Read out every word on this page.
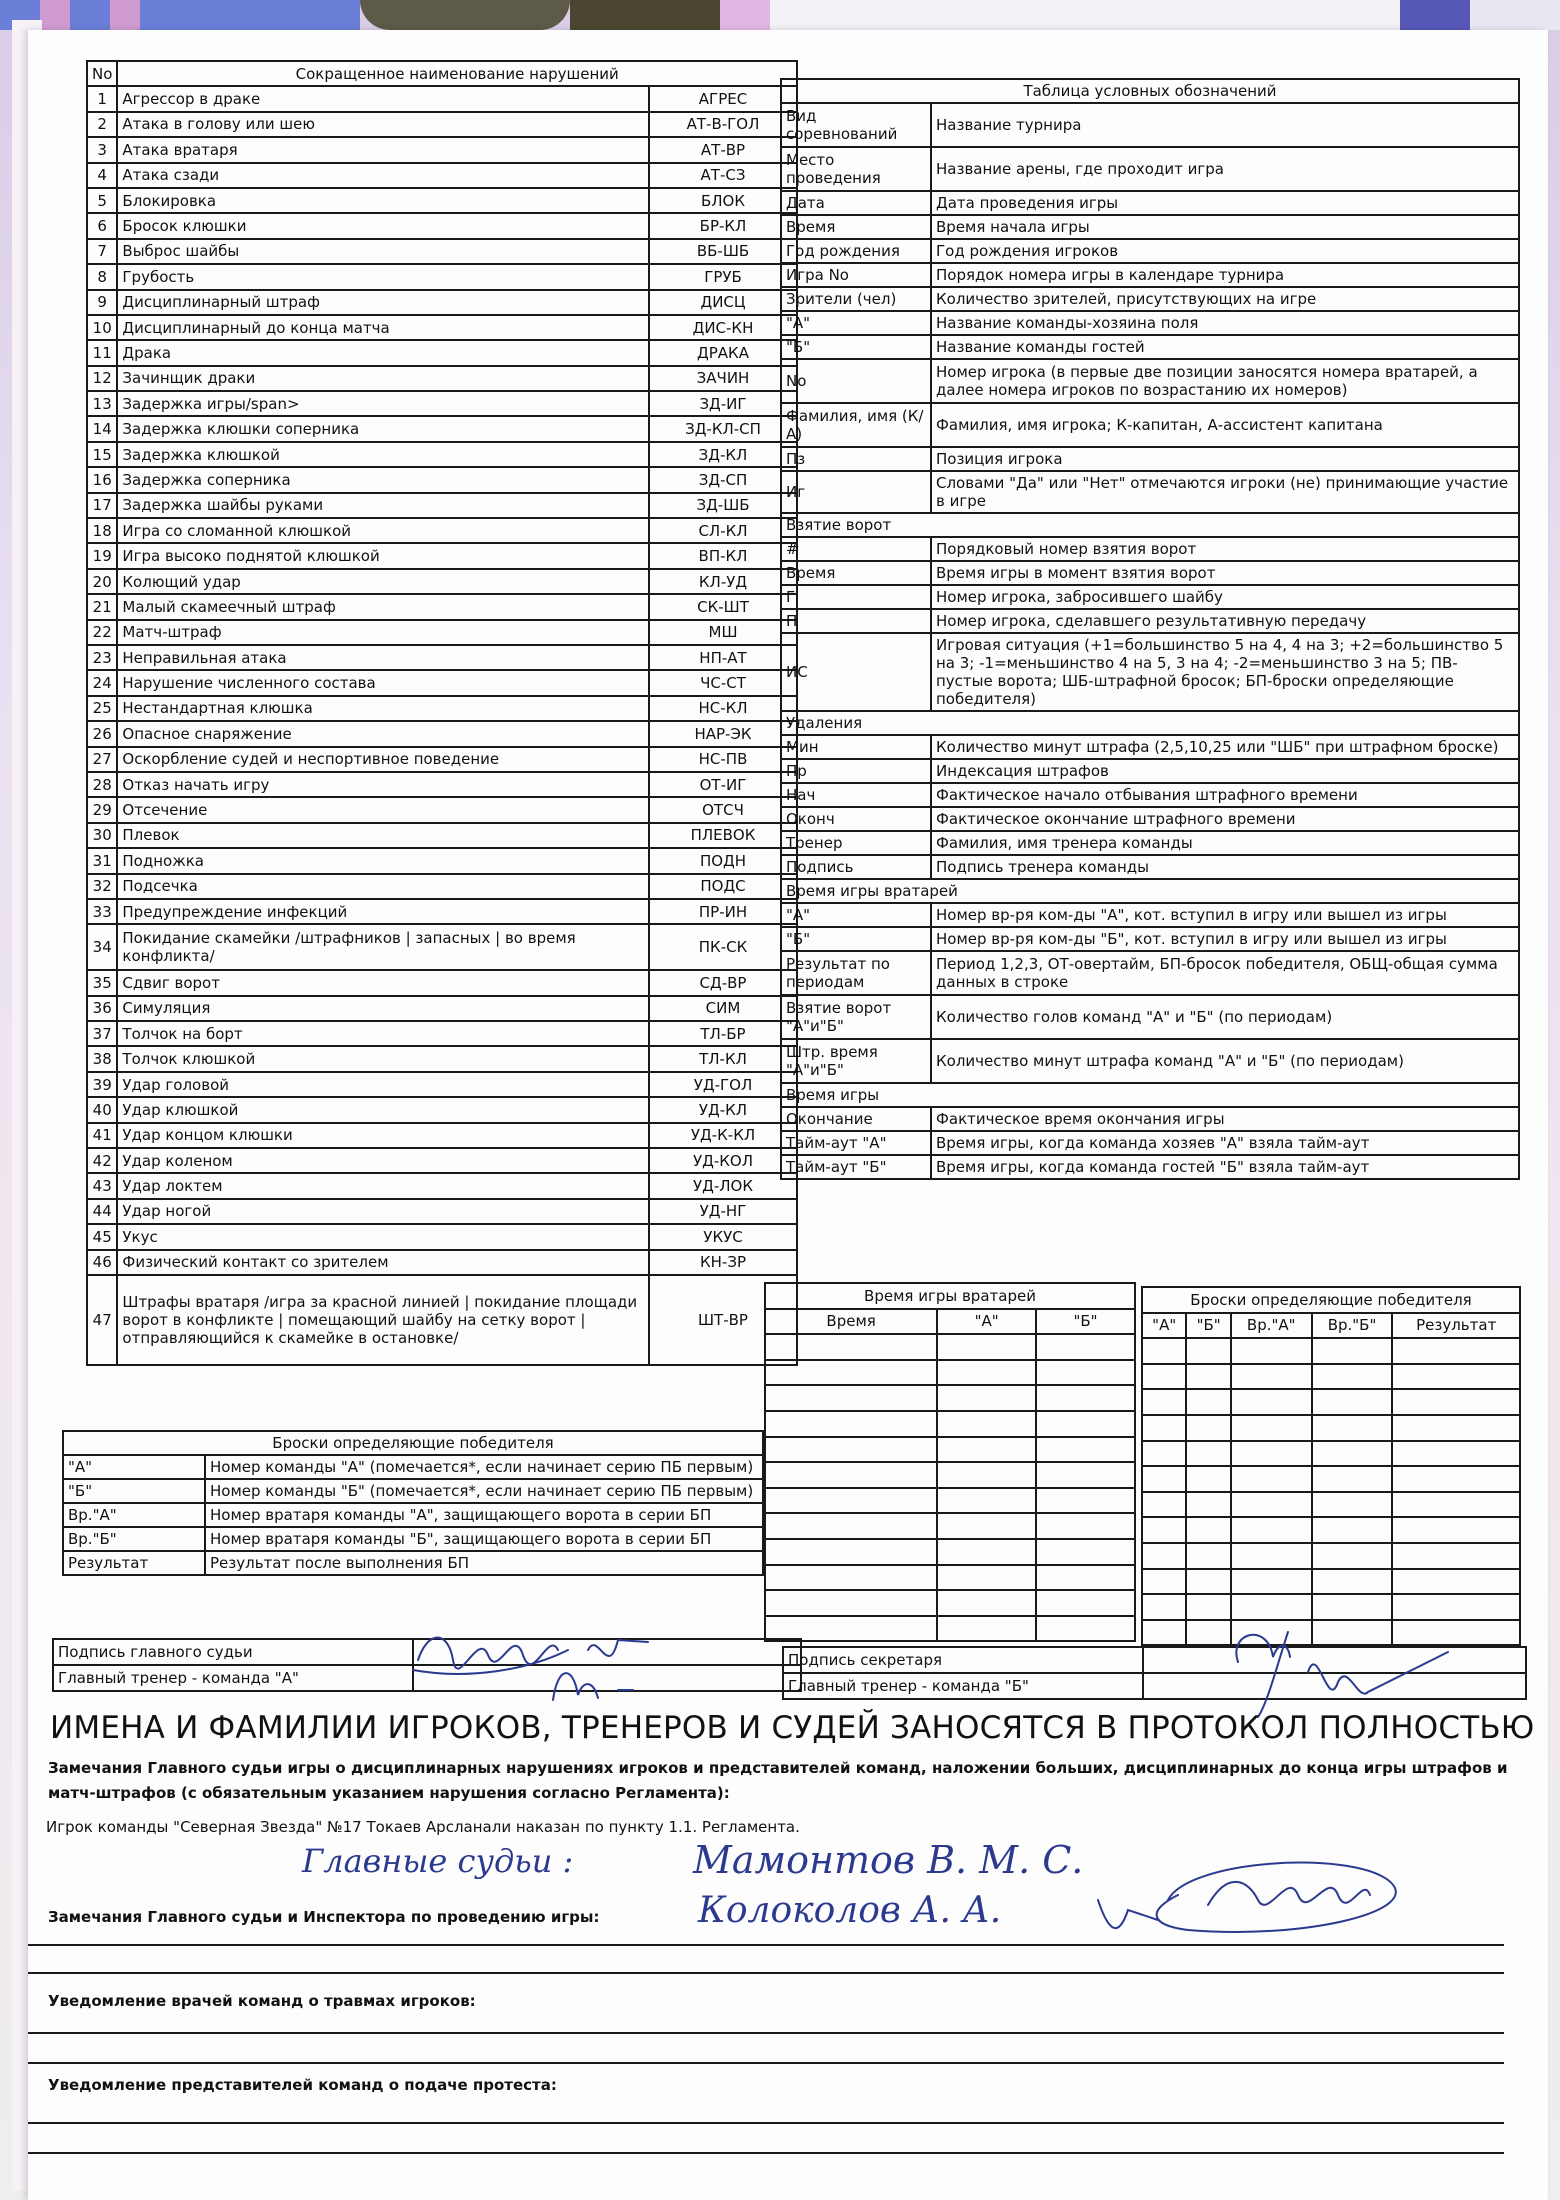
No	Сокращенное наименование нарушений	
1	Агрессор в драке	АГРЕС
2	Атака в голову или шею	АТ-В-ГОЛ
3	Атака вратаря	АТ-ВР
4	Атака сзади	АТ-СЗ
5	Блокировка	БЛОК
6	Бросок клюшки	БР-КЛ
7	Выброс шайбы	ВБ-ШБ
8	Грубость	ГРУБ
9	Дисциплинарный штраф	ДИСЦ
10	Дисциплинарный до конца матча	ДИС-КН
11	Драка	ДРАКА
12	Зачинщик драки	ЗАЧИН
13	Задержка игры/span>	ЗД-ИГ
14	Задержка клюшки соперника	ЗД-КЛ-СП
15	Задержка клюшкой	ЗД-КЛ
16	Задержка соперника	ЗД-СП
17	Задержка шайбы руками	ЗД-ШБ
18	Игра со сломанной клюшкой	СЛ-КЛ
19	Игра высоко поднятой клюшкой	ВП-КЛ
20	Колющий удар	КЛ-УД
21	Малый скамеечный штраф	СК-ШТ
22	Матч-штраф	МШ
23	Неправильная атака	НП-АТ
24	Нарушение численного состава	ЧС-СТ
25	Нестандартная клюшка	НС-КЛ
26	Опасное снаряжение	НАР-ЭК
27	Оскорбление судей и неспортивное поведение	НС-ПВ
28	Отказ начать игру	ОТ-ИГ
29	Отсечение	ОТСЧ
30	Плевок	ПЛЕВОК
31	Подножка	ПОДН
32	Подсечка	ПОДС
33	Предупреждение инфекций	ПР-ИН
34	Покидание скамейки /штрафников | запасных | во время конфликта/	ПК-СК
35	Сдвиг ворот	СД-ВР
36	Симуляция	СИМ
37	Толчок на борт	ТЛ-БР
38	Толчок клюшкой	ТЛ-КЛ
39	Удар головой	УД-ГОЛ
40	Удар клюшкой	УД-КЛ
41	Удар концом клюшки	УД-К-КЛ
42	Удар коленом	УД-КОЛ
43	Удар локтем	УД-ЛОК
44	Удар ногой	УД-НГ
45	Укус	УКУС
46	Физический контакт со зрителем	КН-ЗР
47	Штрафы вратаря /игра за красной линией | покидание площади ворот в конфликте | помещающий шайбу на сетку ворот |отправляющийся к скамейке в остановке/	ШТ-ВР
Таблица условных обозначений	
Вид соревнований	Название турнира
Место проведения	Название арены, где проходит игра
Дата	Дата проведения игры
Время	Время начала игры
Год рождения	Год рождения игроков
Игра No	Порядок номера игры в календаре турнира
Зрители (чел)	Количество зрителей, присутствующих на игре
"А"	Название команды-хозяина поля
"Б"	Название команды гостей
No	Номер игрока (в первые две позиции заносятся номера вратарей, а далее номера игроков по возрастанию их номеров)
Фамилия, имя (К/А)	Фамилия, имя игрока; К-капитан, А-ассистент капитана
Пз	Позиция игрока
Иг	Словами "Да" или "Нет" отмечаются игроки (не) принимающие участие в игре
Взятие ворот	
#	Порядковый номер взятия ворот
Время	Время игры в момент взятия ворот
Г	Номер игрока, забросившего шайбу
П	Номер игрока, сделавшего результативную передачу
ИС	Игровая ситуация (+1=большинство 5 на 4, 4 на 3; +2=большинство 5 на 3; -1=меньшинство 4 на 5, 3 на 4; -2=меньшинство 3 на 5; ПВ- пустые ворота; ШБ-штрафной бросок; БП-броски определяющие победителя)
Удаления	
Мин	Количество минут штрафа (2,5,10,25 или "ШБ" при штрафном броске)
Пр	Индексация штрафов
Нач	Фактическое начало отбывания штрафного времени
Оконч	Фактическое окончание штрафного времени
Тренер	Фамилия, имя тренера команды
Подпись	Подпись тренера команды
Время игры вратарей	
"А"	Номер вр-ря ком-ды "А", кот. вступил в игру или вышел из игры
"Б"	Номер вр-ря ком-ды "Б", кот. вступил в игру или вышел из игры
Результат по периодам	Период 1,2,3, ОТ-овертайм, БП-бросок победителя, ОБЩ-общая сумма данных в строке
Взятие ворот "А"и"Б"	Количество голов команд "А" и "Б" (по периодам)
Штр. время "А"и"Б"	Количество минут штрафа команд "А" и "Б" (по периодам)
Время игры	
Окончание	Фактическое время окончания игры
Тайм-аут "А"	Время игры, когда команда хозяев "А" взяла тайм-аут
Тайм-аут "Б"	Время игры, когда команда гостей "Б" взяла тайм-аут
Время игры вратарей		
Время	"А"	"Б"

Броски определяющие победителя				
"А"	"Б"	Вр."А"	Вр."Б"	Результат

Броски определяющие победителя	
"А"	Номер команды "А" (помечается*, если начинает серию ПБ первым)
"Б"	Номер команды "Б" (помечается*, если начинает серию ПБ первым)
Вр."А"	Номер вратаря команды "А", защищающего ворота в серии БП
Вр."Б"	Номер вратаря команды "Б", защищающего ворота в серии БП
Результат	Результат после выполнения БП
Подпись главного судьи	
Главный тренер - команда "А"	
Подпись секретаря	
Главный тренер - команда "Б"	
ИМЕНА И ФАМИЛИИ ИГРОКОВ, ТРЕНЕРОВ И СУДЕЙ ЗАНОСЯТСЯ В ПРОТОКОЛ ПОЛНОСТЬЮ
Замечания Главного судьи игры о дисциплинарных нарушениях игроков и представителей команд, наложении больших, дисциплинарных до конца игры штрафов и матч-штрафов (с обязательным указанием нарушения согласно Регламента):
Игрок команды "Северная Звезда" №17 Токаев Арсланали наказан по пункту 1.1. Регламента.
Главные судьи :	Мамонтов В. М. С.
Колоколов А. А.
Замечания Главного судьи и Инспектора по проведению игры:
Уведомление врачей команд о травмах игроков:
Уведомление представителей команд о подаче протеста:
